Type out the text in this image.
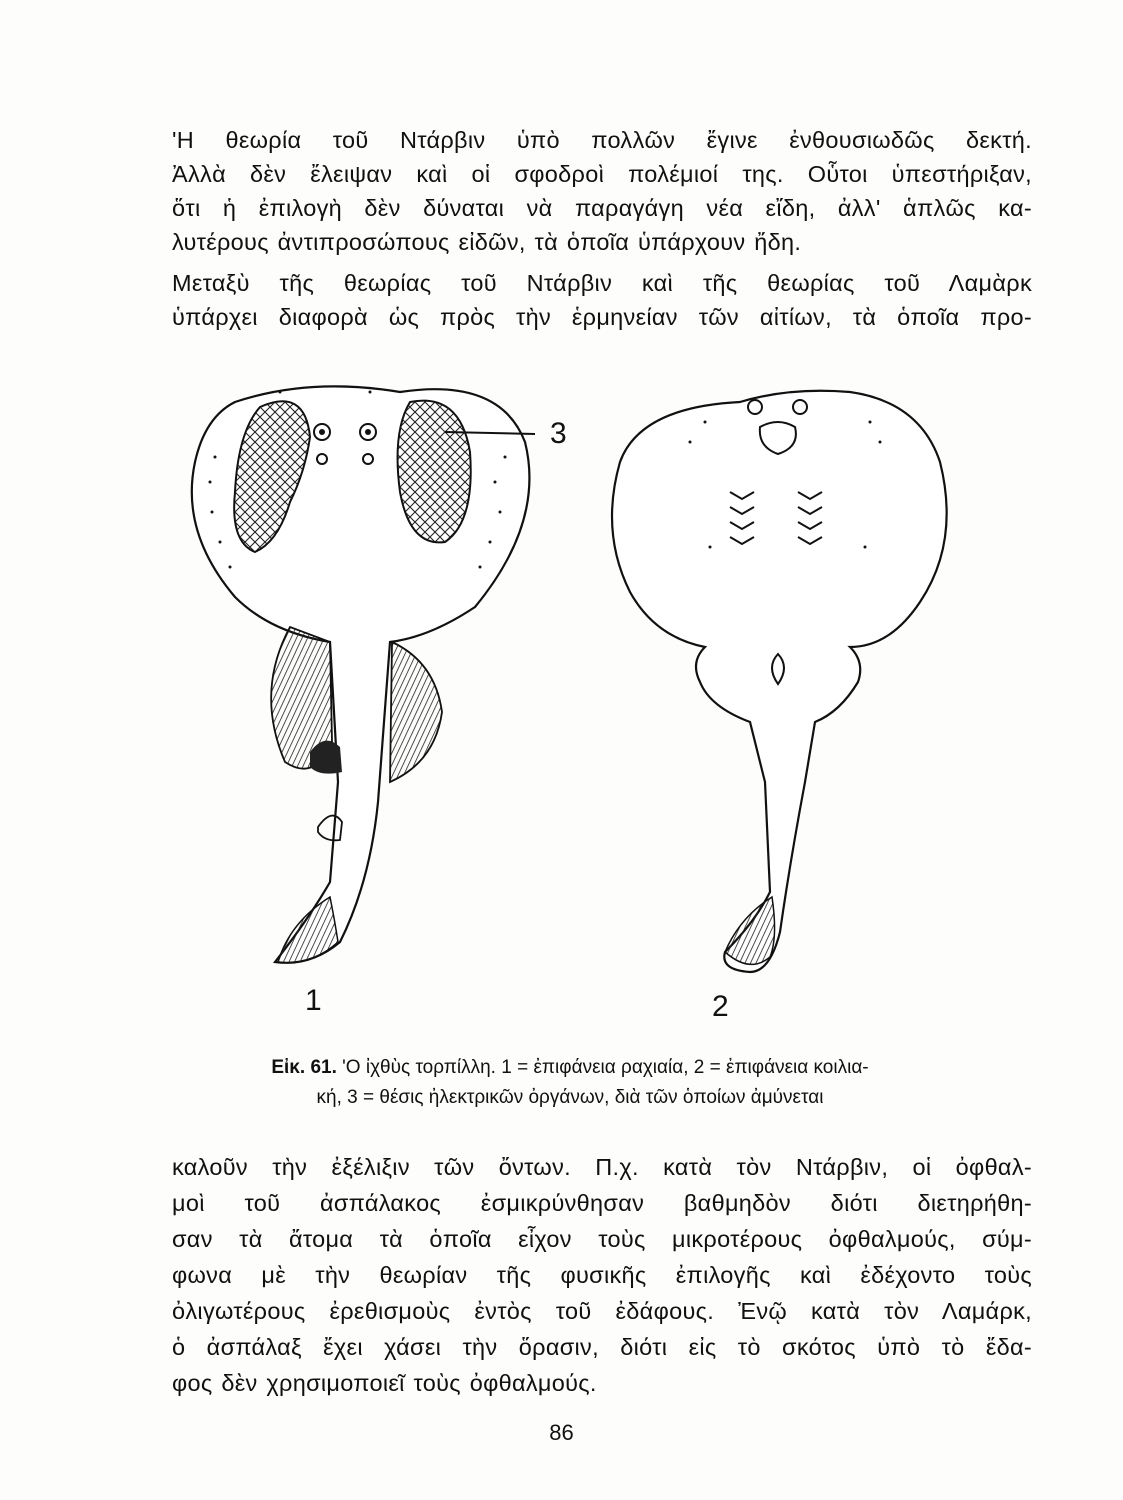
'Η θεωρία τοῦ Ντάρβιν ὑπὸ πολλῶν ἔγινε ἐνθουσιωδῶς δεκτή.
Ἀλλὰ δὲν ἔλειψαν καὶ οἱ σφοδροὶ πολέμιοί της. Οὗτοι ὑπεστήριξαν,
ὅτι ἡ ἐπιλογὴ δὲν δύναται νὰ παραγάγη νέα εἴδη, ἀλλ' ἁπλῶς κα-
λυτέρους ἀντιπροσώπους εἰδῶν, τὰ ὁποῖα ὑπάρχουν ἤδη.
Μεταξὺ τῆς θεωρίας τοῦ Ντάρβιν καὶ τῆς θεωρίας τοῦ Λαμὰρκ
ὑπάρχει διαφορὰ ὡς πρὸς τὴν ἑρμηνείαν τῶν αἰτίων, τὰ ὁποῖα προ-
1	2
3
Εἰκ. 61. 'Ο ἰχθὺς τορπίλλη. 1 = ἐπιφάνεια ραχιαία, 2 = ἐπιφάνεια κοιλια-
κή, 3 = θέσις ἠλεκτρικῶν ὀργάνων, διὰ τῶν ὁποίων ἀμύνεται
καλοῦν τὴν ἐξέλιξιν τῶν ὄντων. Π.χ. κατὰ τὸν Ντάρβιν, οἱ ὀφθαλ-
μοὶ τοῦ ἀσπάλακος ἐσμικρύνθησαν βαθμηδὸν διότι διετηρήθη-
σαν τὰ ἄτομα τὰ ὁποῖα εἶχον τοὺς μικροτέρους ὀφθαλμούς, σύμ-
φωνα μὲ τὴν θεωρίαν τῆς φυσικῆς ἐπιλογῆς καὶ ἐδέχοντο τοὺς
ὀλιγωτέρους ἐρεθισμοὺς ἐντὸς τοῦ ἐδάφους. Ἐνῷ κατὰ τὸν Λαμάρκ,
ὁ ἀσπάλαξ ἔχει χάσει τὴν ὅρασιν, διότι εἰς τὸ σκότος ὑπὸ τὸ ἔδα-
φος δὲν χρησιμοποιεῖ τοὺς ὀφθαλμούς.
86
